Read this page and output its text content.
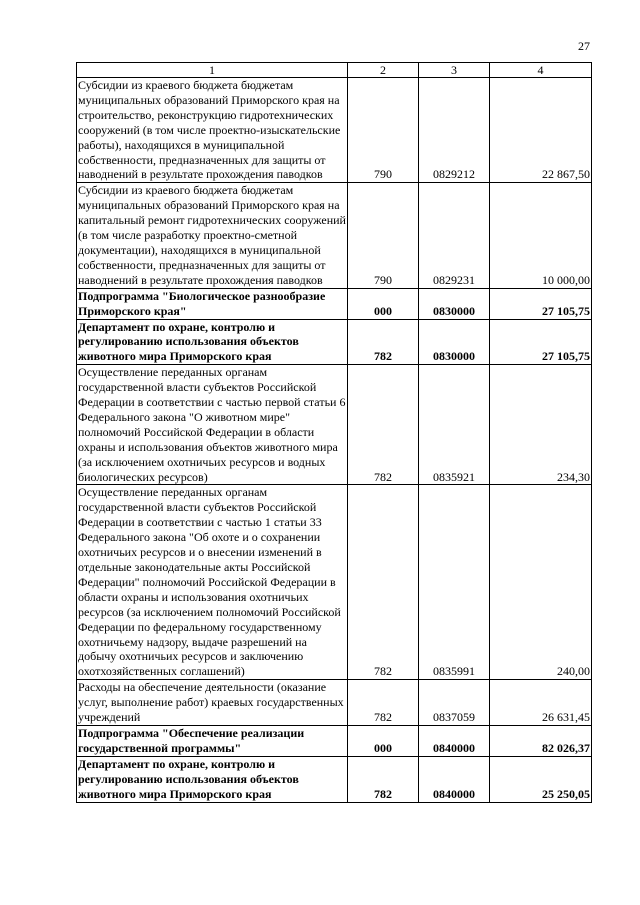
27
1	2	3	4
Субсидии из краевого бюджета бюджетам муниципальных образований Приморского края на строительство, реконструкцию гидротехнических сооружений (в том числе проектно-изыскательские работы), находящихся в муниципальной собственности, предназначенных для защиты от наводнений в результате прохождения паводков	790	0829212	22 867,50
Субсидии из краевого бюджета бюджетам муниципальных образований Приморского края на капитальный ремонт гидротехнических сооружений (в том числе разработку проектно-сметной документации), находящихся в муниципальной собственности, предназначенных для защиты от наводнений в результате прохождения паводков	790	0829231	10 000,00
Подпрограмма "Биологическое разнообразие Приморского края"	000	0830000	27 105,75
Департамент по охране, контролю и регулированию использования объектов животного мира Приморского края	782	0830000	27 105,75
Осуществление переданных органам государственной власти субъектов Российской Федерации в соответствии с частью первой статьи 6 Федерального закона "О животном мире" полномочий Российской Федерации в области охраны и использования объектов животного мира (за исключением охотничьих ресурсов и водных биологических ресурсов)	782	0835921	234,30
Осуществление переданных органам государственной власти субъектов Российской Федерации в соответствии с частью 1 статьи 33 Федерального закона "Об охоте и о сохранении охотничьих ресурсов и о внесении изменений в отдельные законодательные акты Российской Федерации" полномочий Российской Федерации в области охраны и использования охотничьих ресурсов (за исключением полномочий Российской Федерации по федеральному государственному охотничьему надзору, выдаче разрешений на добычу охотничьих ресурсов и заключению охотхозяйственных соглашений)	782	0835991	240,00
Расходы на обеспечение деятельности (оказание услуг, выполнение работ) краевых государственных учреждений	782	0837059	26 631,45
Подпрограмма "Обеспечение реализации государственной программы"	000	0840000	82 026,37
Департамент по охране, контролю и регулированию использования объектов животного мира Приморского края	782	0840000	25 250,05
